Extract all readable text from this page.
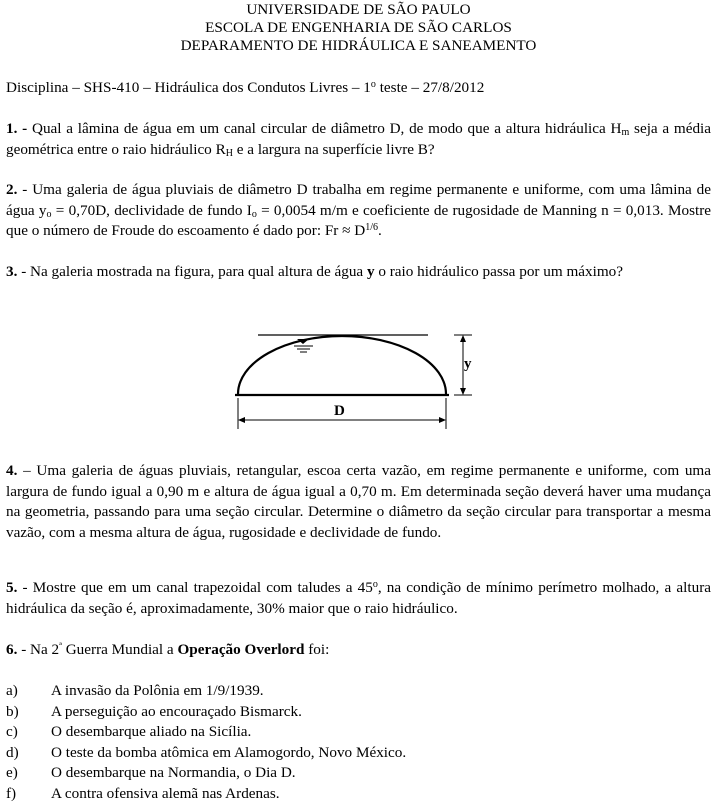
UNIVERSIDADE DE SÃO PAULO
ESCOLA DE ENGENHARIA DE SÃO CARLOS
DEPARAMENTO DE HIDRÁULICA E SANEAMENTO
Disciplina – SHS-410 – Hidráulica dos Condutos Livres – 1$^o$ teste – 27/8/2012
1. - Qual a lâmina de água em um canal circular de diâmetro D, de modo que a altura hidráulica $H_m$ seja a média geométrica entre o raio hidráulico $R_H$ e a largura na superfície livre B?
2. - Uma galeria de água pluviais de diâmetro D trabalha em regime permanente e uniforme, com uma lâmina de água $y_o = 0,70D$, declividade de fundo $I_o = 0,0054$ m/m e coeficiente de rugosidade de Manning n = 0,013. Mostre que o número de Froude do escoamento é dado por: $Fr \approx D^{1/6}$.
3. - Na galeria mostrada na figura, para qual altura de água y o raio hidráulico passa por um máximo?
y
D
4. – Uma galeria de águas pluviais, retangular, escoa certa vazão, em regime permanente e uniforme, com uma largura de fundo igual a 0,90 m e altura de água igual a 0,70 m. Em determinada seção deverá haver uma mudança na geometria, passando para uma seção circular. Determine o diâmetro da seção circular para transportar a mesma vazão, com a mesma altura de água, rugosidade e declividade de fundo.
5. - Mostre que em um canal trapezoidal com taludes a 45$^o$, na condição de mínimo perímetro molhado, a altura hidráulica da seção é, aproximadamente, 30% maior que o raio hidráulico.
6. - Na $2^ª$ Guerra Mundial a Operação Overlord foi:
a)	A invasão da Polônia em 1/9/1939.
b)	A perseguição ao encouraçado Bismarck.
c)	O desembarque aliado na Sicília.
d)	O teste da bomba atômica em Alamogordo, Novo México.
e)	O desembarque na Normandia, o Dia D.
f)	A contra ofensiva alemã nas Ardenas.
